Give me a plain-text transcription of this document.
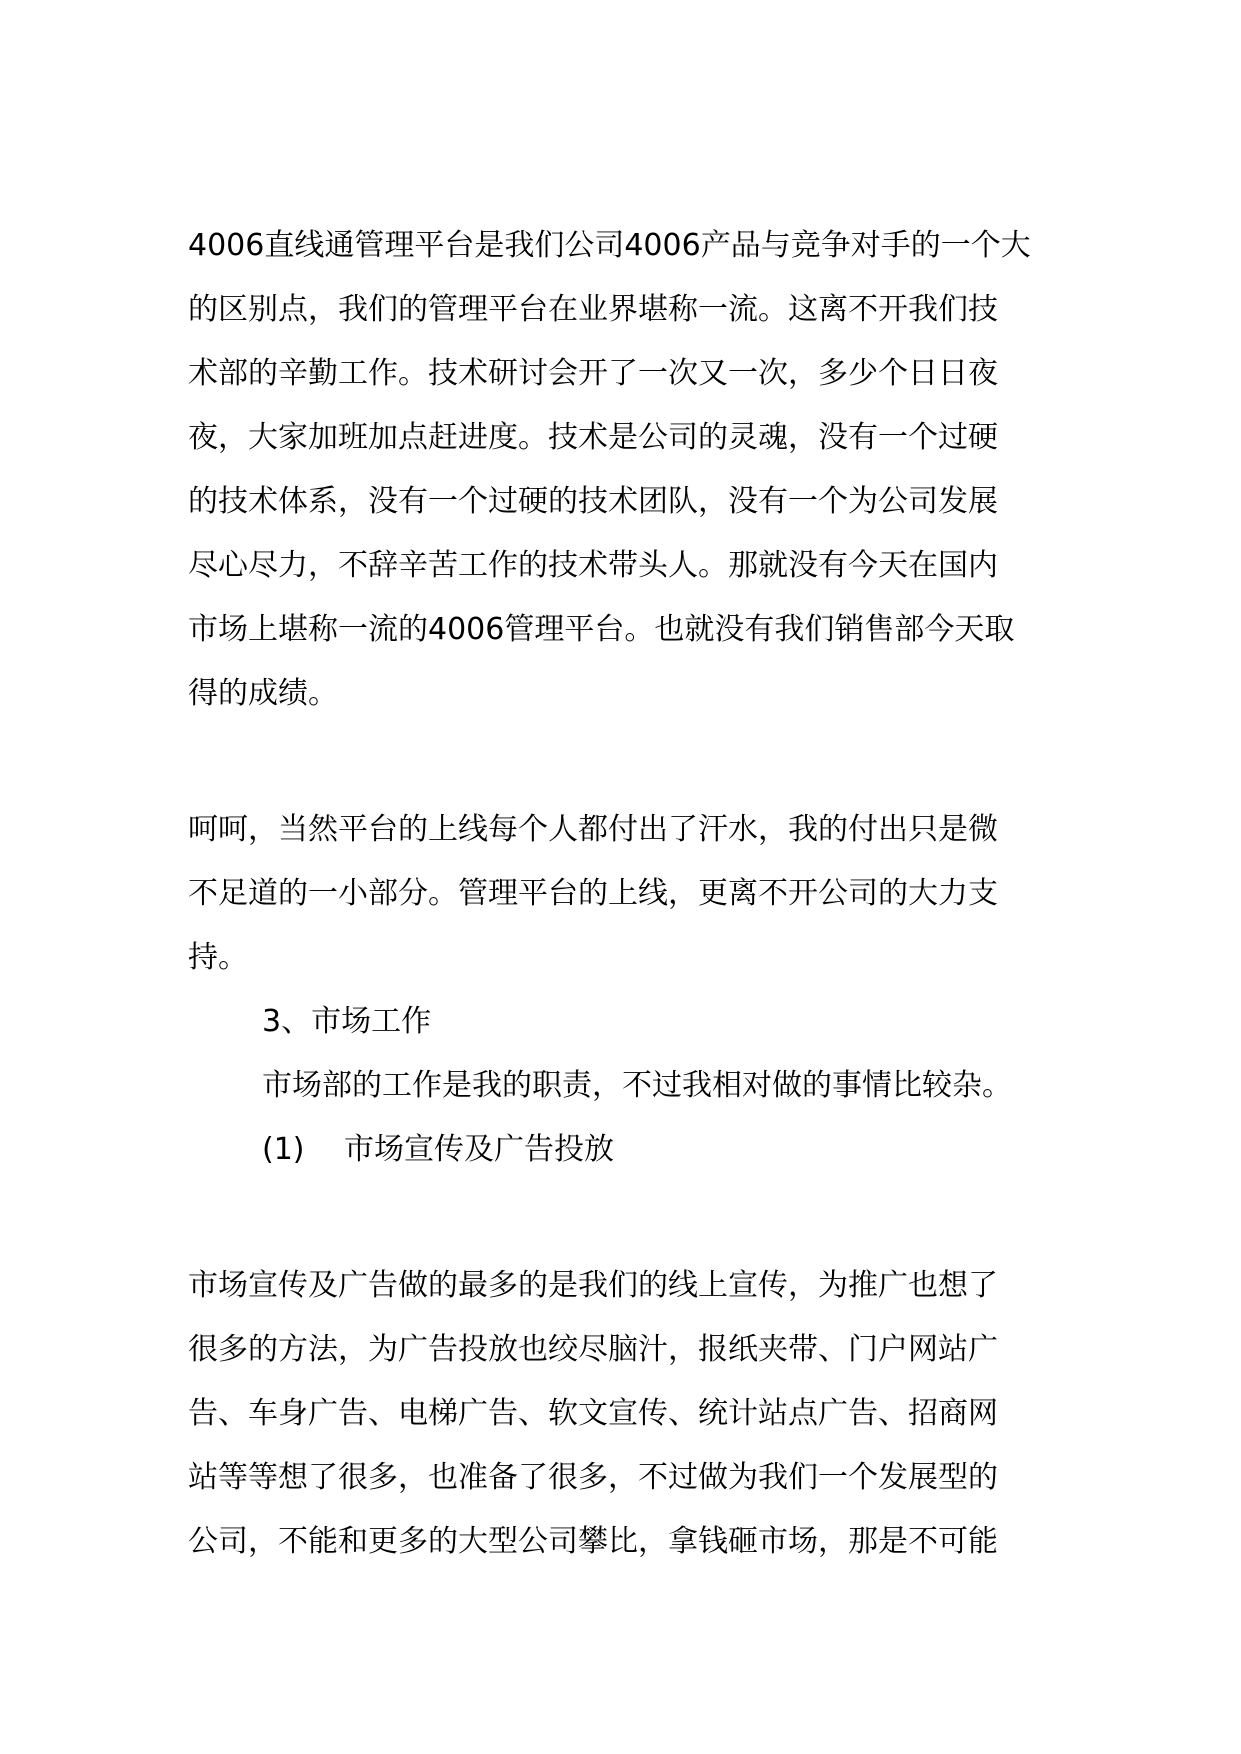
4006直线通管理平台是我们公司4006产品与竞争对手的一个大
的区别点，我们的管理平台在业界堪称一流。这离不开我们技
术部的辛勤工作。技术研讨会开了一次又一次，多少个日日夜
夜，大家加班加点赶进度。技术是公司的灵魂，没有一个过硬
的技术体系，没有一个过硬的技术团队，没有一个为公司发展
尽心尽力，不辞辛苦工作的技术带头人。那就没有今天在国内
市场上堪称一流的4006管理平台。也就没有我们销售部今天取
得的成绩。
呵呵，当然平台的上线每个人都付出了汗水，我的付出只是微
不足道的一小部分。管理平台的上线，更离不开公司的大力支
持。
3、市场工作
市场部的工作是我的职责，不过我相对做的事情比较杂。
(1)　 市场宣传及广告投放
市场宣传及广告做的最多的是我们的线上宣传，为推广也想了
很多的方法，为广告投放也绞尽脑汁，报纸夹带、门户网站广
告、车身广告、电梯广告、软文宣传、统计站点广告、招商网
站等等想了很多，也准备了很多，不过做为我们一个发展型的
公司，不能和更多的大型公司攀比，拿钱砸市场，那是不可能
